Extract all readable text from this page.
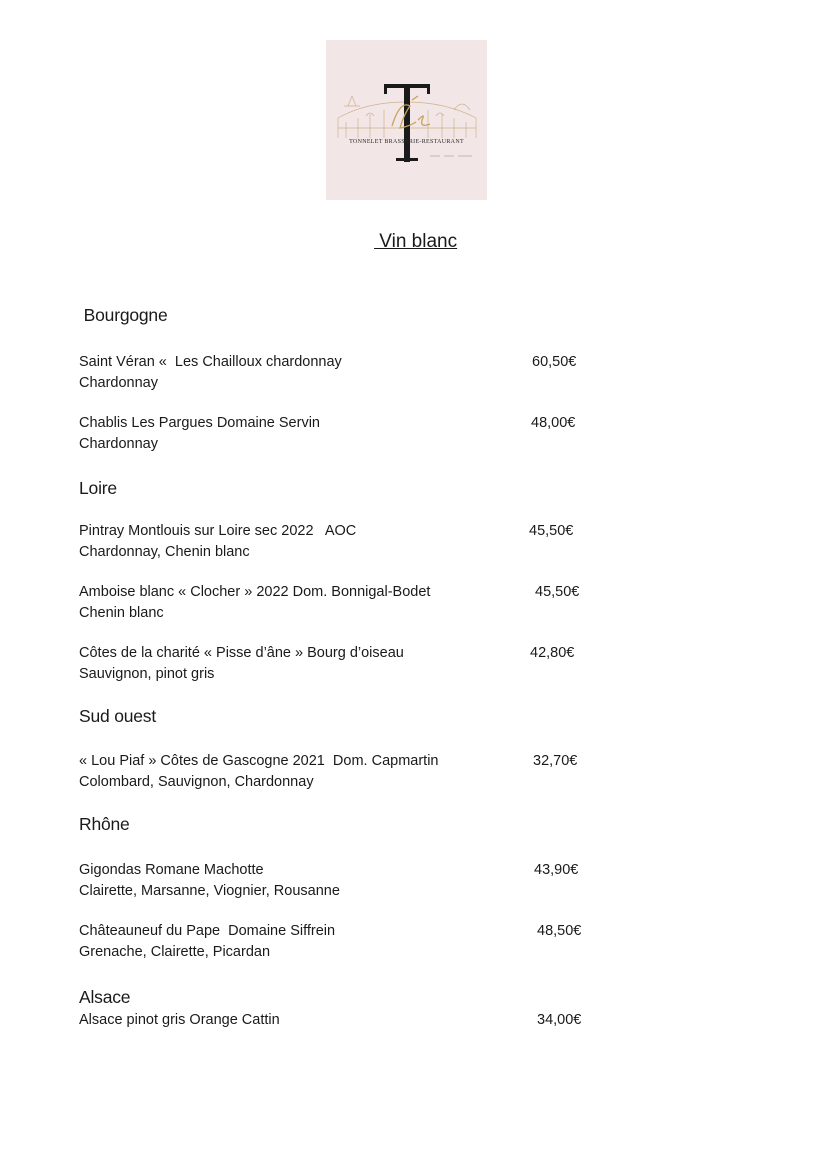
TONNELET BRASSERIE-RESTAURANT
Vin blanc
Bourgogne
Saint Véran «  Les Chailloux chardonnay
Chardonnay
60,50€
Chablis Les Pargues Domaine Servin
Chardonnay
48,00€
Loire
Pintray Montlouis sur Loire sec 2022   AOC
Chardonnay, Chenin blanc
45,50€
Amboise blanc « Clocher » 2022 Dom. Bonnigal-Bodet
Chenin blanc
45,50€
Côtes de la charité « Pisse d’âne » Bourg d’oiseau
Sauvignon, pinot gris
42,80€
Sud ouest
« Lou Piaf » Côtes de Gascogne 2021  Dom. Capmartin
Colombard, Sauvignon, Chardonnay
32,70€
Rhône
Gigondas Romane Machotte
Clairette, Marsanne, Viognier, Rousanne
43,90€
Châteauneuf du Pape  Domaine Siffrein
Grenache, Clairette, Picardan
48,50€
Alsace
Alsace pinot gris Orange Cattin	34,00€
